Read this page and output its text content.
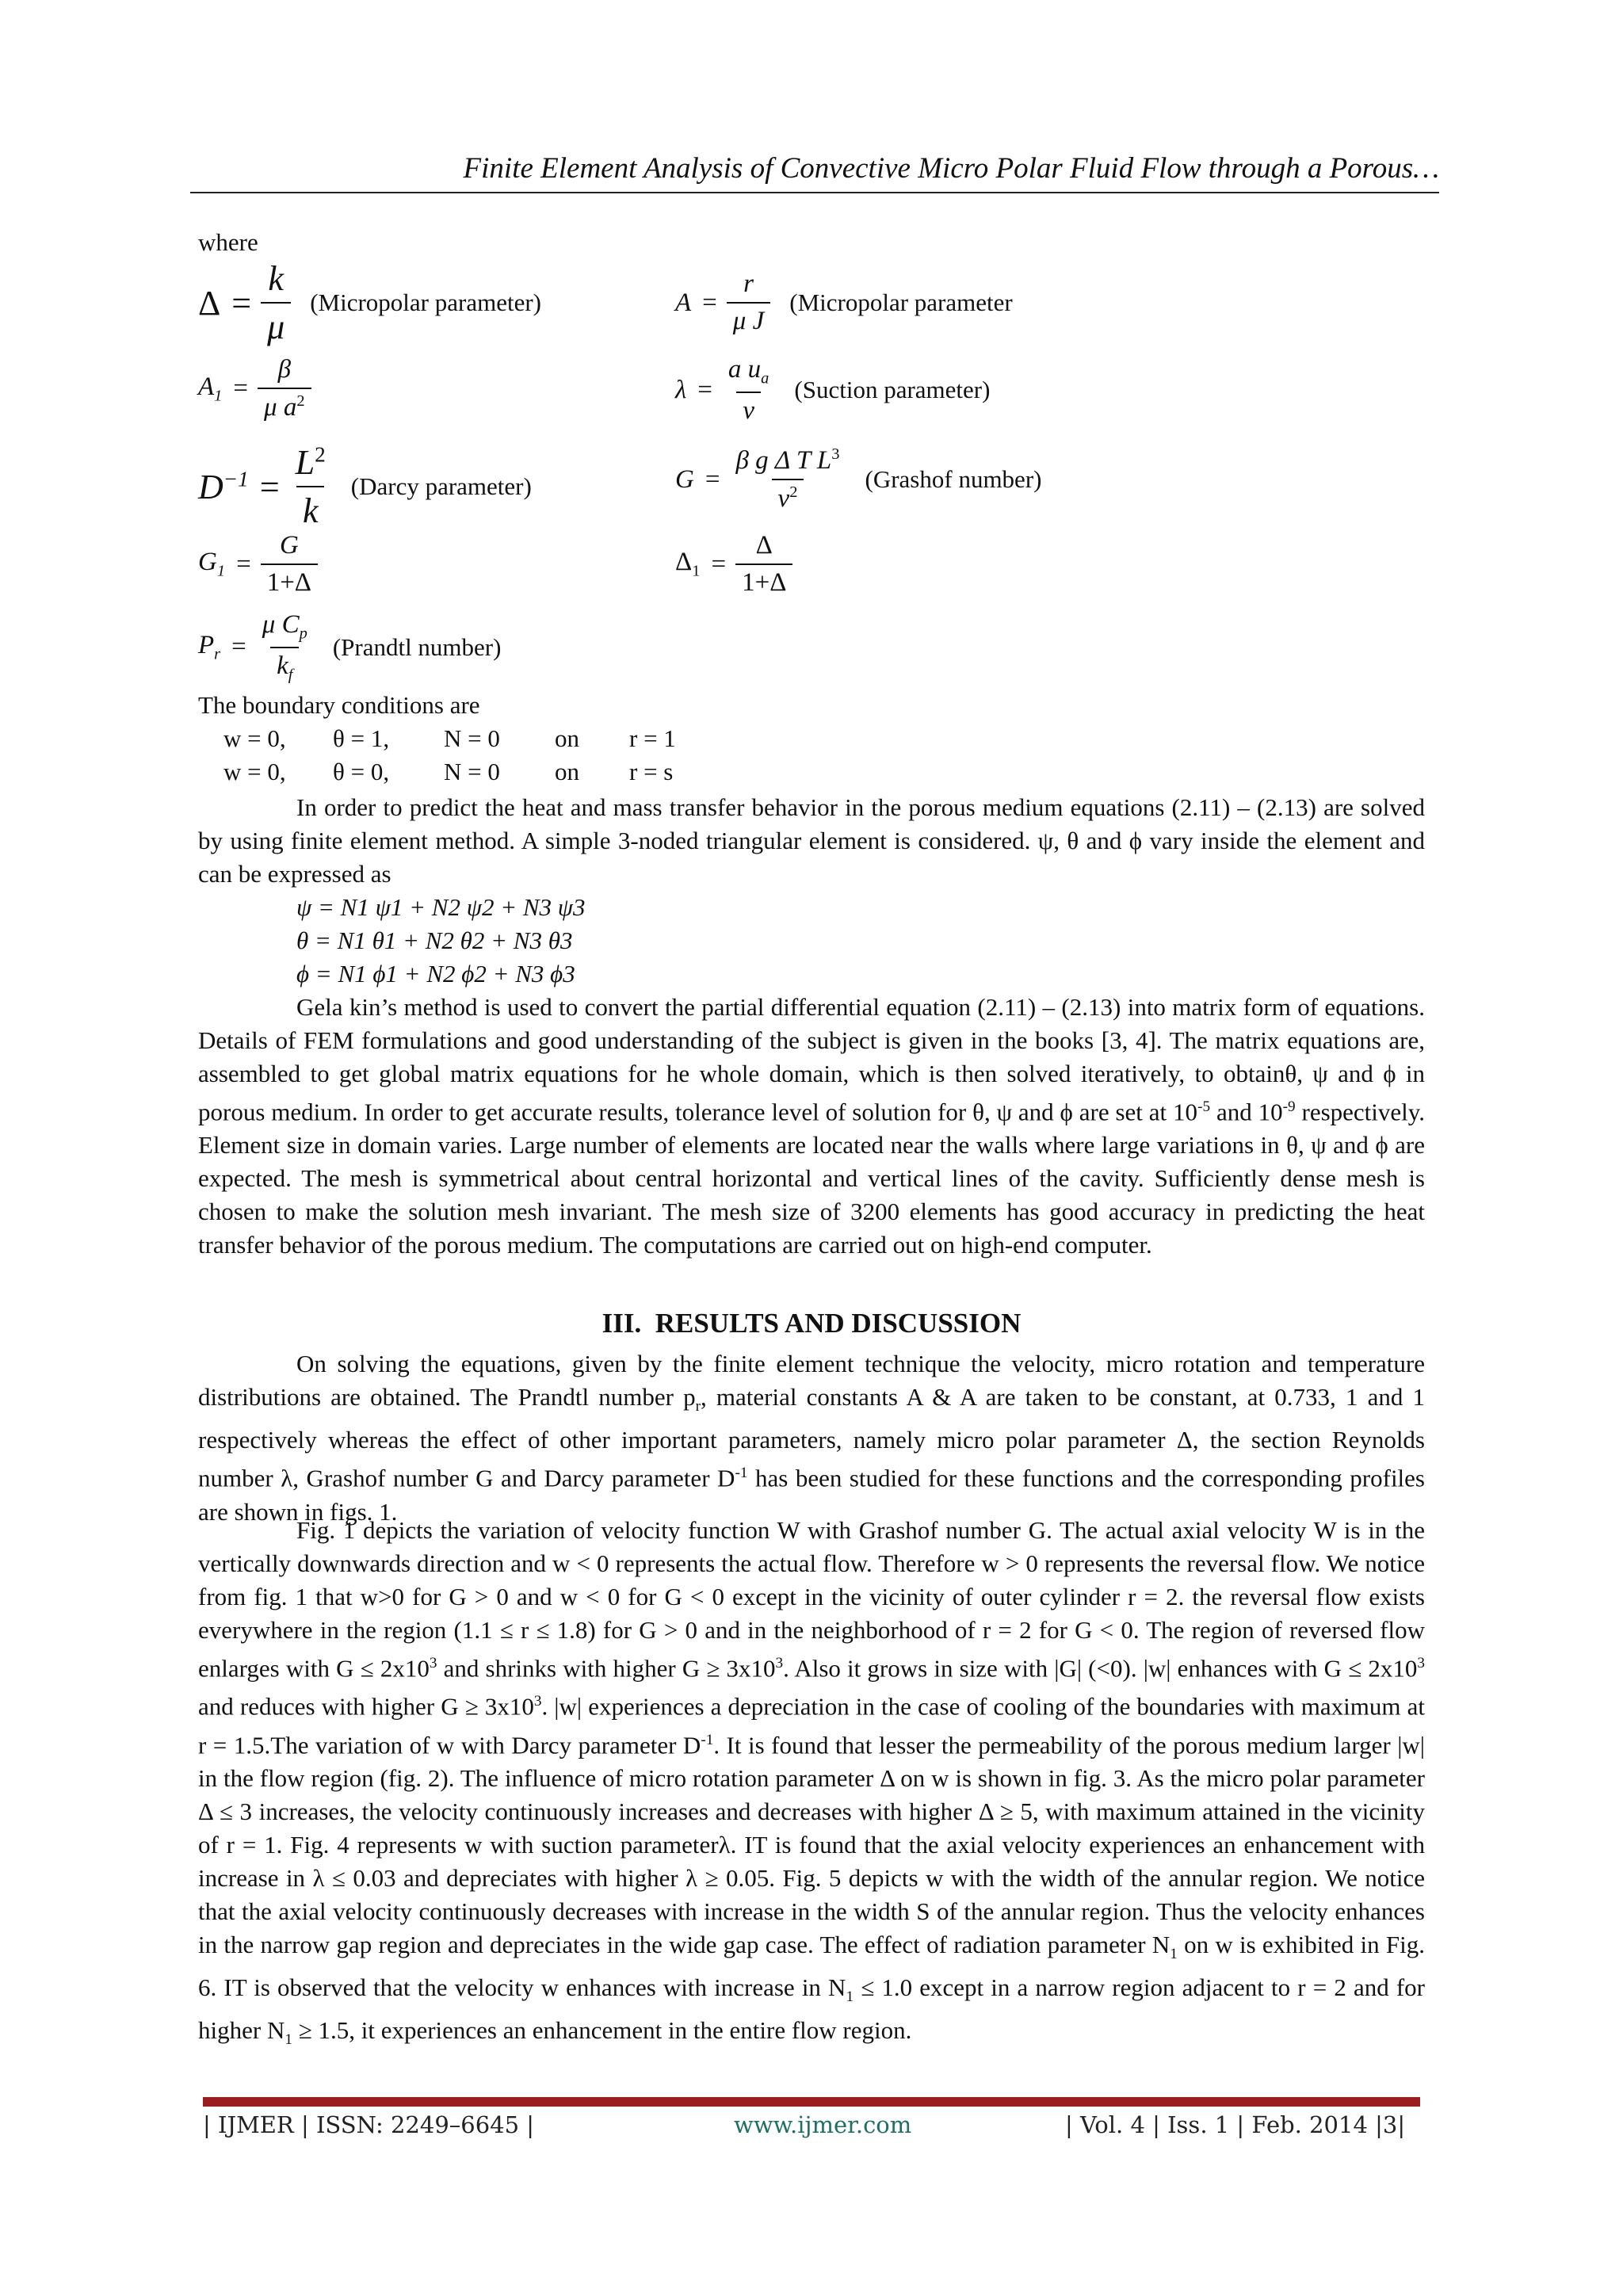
Finite Element Analysis of Convective Micro Polar Fluid Flow through a Porous…
where
$\Delta = \frac{k}{\mu}$ (Micropolar parameter)	$A = \frac{r}{\text{μ J}}$ (Micropolar parameter
$A_1 = \frac{\beta}{\mu a^2}$	$\lambda = \frac{a u_a}{\nu}$ (Suction parameter)
$D^{-1} = \frac{L^2}{k}$ (Darcy parameter)	$G = \frac{\beta g \Delta T L^3}{\nu^2}$ (Grashof number)
$G_1 = \frac{G}{1+\Delta}$	$\Delta_1 = \frac{\Delta}{1+\Delta}$
$P_r = \frac{\mu C_p}{k_f}$ (Prandtl number)
The boundary conditions are
w = 0, θ = 1, N = 0 on r = 1
w = 0, θ = 0, N = 0 on r = s

In order to predict the heat and mass transfer behavior in the porous medium equations (2.11) – (2.13) are solved by using finite element method. A simple 3-noded triangular element is considered. ψ, θ and ϕ vary inside the element and can be expressed as

ψ = N1 ψ1 + N2 ψ2 + N3 ψ3
θ = N1 θ1 + N2 θ2 + N3 θ3
ϕ = N1 ϕ1 + N2 ϕ2 + N3 ϕ3

Gela kin’s method is used to convert the partial differential equation (2.11) – (2.13) into matrix form of equations. Details of FEM formulations and good understanding of the subject is given in the books [3, 4]. The matrix equations are, assembled to get global matrix equations for he whole domain, which is then solved iteratively, to obtainθ, ψ and ϕ in porous medium. In order to get accurate results, tolerance level of solution for θ, ψ and ϕ are set at $10^{-5}$ and $10^{-9}$ respectively. Element size in domain varies. Large number of elements are located near the walls where large variations in θ, ψ and ϕ are expected. The mesh is symmetrical about central horizontal and vertical lines of the cavity. Sufficiently dense mesh is chosen to make the solution mesh invariant. The mesh size of 3200 elements has good accuracy in predicting the heat transfer behavior of the porous medium. The computations are carried out on high-end computer.

III. RESULTS AND DISCUSSION

On solving the equations, given by the finite element technique the velocity, micro rotation and temperature distributions are obtained. The Prandtl number $p_r$, material constants A & A are taken to be constant, at 0.733, 1 and 1 respectively whereas the effect of other important parameters, namely micro polar parameter Δ, the section Reynolds number λ, Grashof number G and Darcy parameter $D^{-1}$ has been studied for these functions and the corresponding profiles are shown in figs. 1.

Fig. 1 depicts the variation of velocity function W with Grashof number G. The actual axial velocity W is in the vertically downwards direction and w < 0 represents the actual flow. Therefore w > 0 represents the reversal flow. We notice from fig. 1 that w>0 for G > 0 and w < 0 for G < 0 except in the vicinity of outer cylinder r = 2. the reversal flow exists everywhere in the region (1.1 ≤ r ≤ 1.8) for G > 0 and in the neighborhood of r = 2 for G < 0. The region of reversed flow enlarges with $G \le 2x10^3$ and shrinks with higher $G \ge 3x10^3$. Also it grows in size with |G| (<0). |w| enhances with $G \le 2x10^3$ and reduces with higher $G \ge 3x10^3$. |w| experiences a depreciation in the case of cooling of the boundaries with maximum at r = 1.5.The variation of w with Darcy parameter $D^{-1}$. It is found that lesser the permeability of the porous medium larger |w| in the flow region (fig. 2). The influence of micro rotation parameter Δ on w is shown in fig. 3. As the micro polar parameter Δ ≤ 3 increases, the velocity continuously increases and decreases with higher Δ ≥ 5, with maximum attained in the vicinity of r = 1. Fig. 4 represents w with suction parameterλ. IT is found that the axial velocity experiences an enhancement with increase in λ ≤ 0.03 and depreciates with higher λ ≥ 0.05. Fig. 5 depicts w with the width of the annular region. We notice that the axial velocity continuously decreases with increase in the width S of the annular region. Thus the velocity enhances in the narrow gap region and depreciates in the wide gap case. The effect of radiation parameter $N_1$ on w is exhibited in Fig. 6. IT is observed that the velocity w enhances with increase in $N_1 \le 1.0$ except in a narrow region adjacent to r = 2 and for higher $N_1 \ge 1.5$, it experiences an enhancement in the entire flow region.

| IJMER | ISSN: 2249–6645 |	www.ijmer.com	| Vol. 4 | Iss. 1 | Feb. 2014 |3|
